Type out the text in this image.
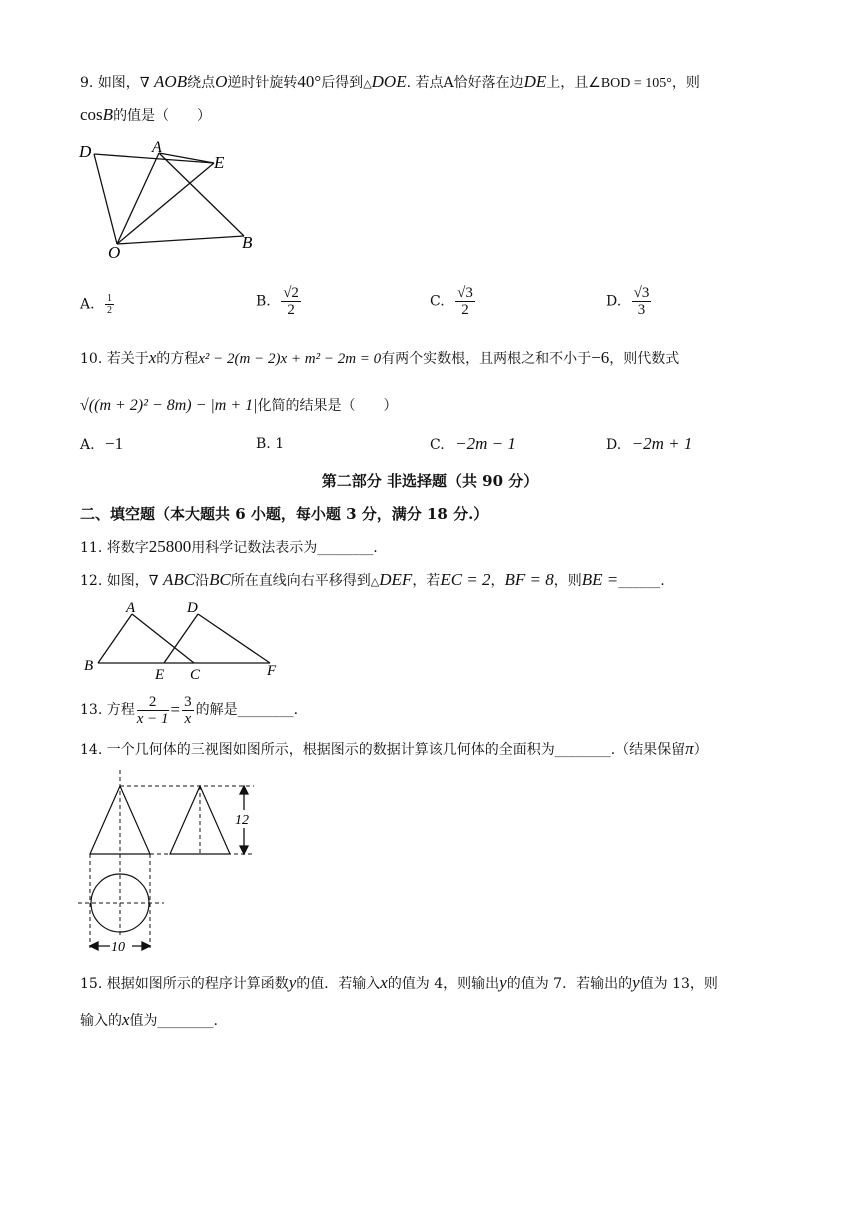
9. 如图，∇ AOB绕点O逆时针旋转40°后得到△DOE. 若点A恰好落在边DE上，且∠BOD = 105°，则
cosB的值是（　　）
D	A
E
O
B
A. $\frac{1}{2}$	B. $\frac{√2}{2}$	C. $\frac{√3}{2}$	D. $\frac{√3}{3}$
10. 若关于x的方程x² − 2(m − 2)x + m² − 2m = 0有两个实数根，且两根之和不小于−6，则代数式
√((m + 2)² − 8m) − |m + 1|化简的结果是（　　）
A. −1	B. 1	C. −2m − 1	D. −2m + 1
第二部分 非选择题（共 90 分）
二、填空题（本大题共 6 小题，每小题 3 分，满分 18 分.）
11. 将数字25800用科学记数法表示为________.
12. 如图，∇ ABC沿BC所在直线向右平移得到△DEF，若EC = 2，BF = 8，则BE =______.
A	D
B
E C	F
13.
方程 $\frac{2}{x - 1} = \frac{3}{x}$ 的解是________.
14. 一个几何体的三视图如图所示，根据图示的数据计算该几何体的全面积为________.（结果保留π）
12
10
15. 根据如图所示的程序计算函数y的值．若输入x的值为 4，则输出y的值为 7．若输出的y值为 13，则
输入的x值为________.
